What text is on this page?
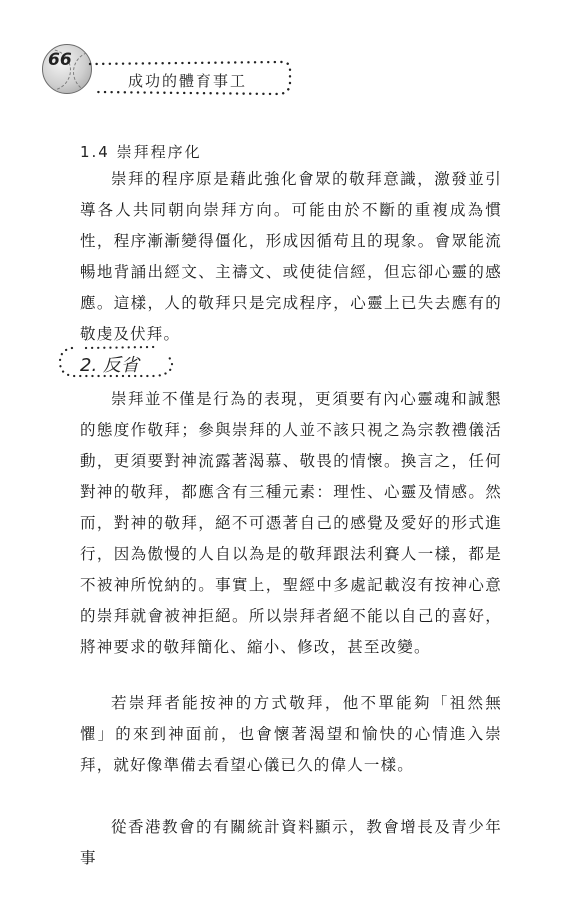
66
成功的體育事工
1.4 崇拜程序化

崇拜的程序原是藉此強化會眾的敬拜意識，激發並引導各人共同朝向崇拜方向。可能由於不斷的重複成為慣性，程序漸漸變得僵化，形成因循苟且的現象。會眾能流暢地背誦出經文、主禱文、或使徒信經，但忘卻心靈的感應。這樣，人的敬拜只是完成程序，心靈上已失去應有的敬虔及伏拜。

2. 反省

崇拜並不僅是行為的表現，更須要有內心靈魂和誠懇的態度作敬拜；參與崇拜的人並不該只視之為宗教禮儀活動，更須要對神流露著渴慕、敬畏的情懷。換言之，任何對神的敬拜，都應含有三種元素：理性、心靈及情感。然而，對神的敬拜，絕不可憑著自己的感覺及愛好的形式進行，因為傲慢的人自以為是的敬拜跟法利賽人一樣，都是不被神所悅納的。事實上，聖經中多處記載沒有按神心意的崇拜就會被神拒絕。所以崇拜者絕不能以自己的喜好，將神要求的敬拜簡化、縮小、修改，甚至改變。

若崇拜者能按神的方式敬拜，他不單能夠「祖然無懼」的來到神面前，也會懷著渴望和愉快的心情進入崇拜，就好像準備去看望心儀已久的偉人一樣。

從香港教會的有關統計資料顯示，教會增長及青少年事
